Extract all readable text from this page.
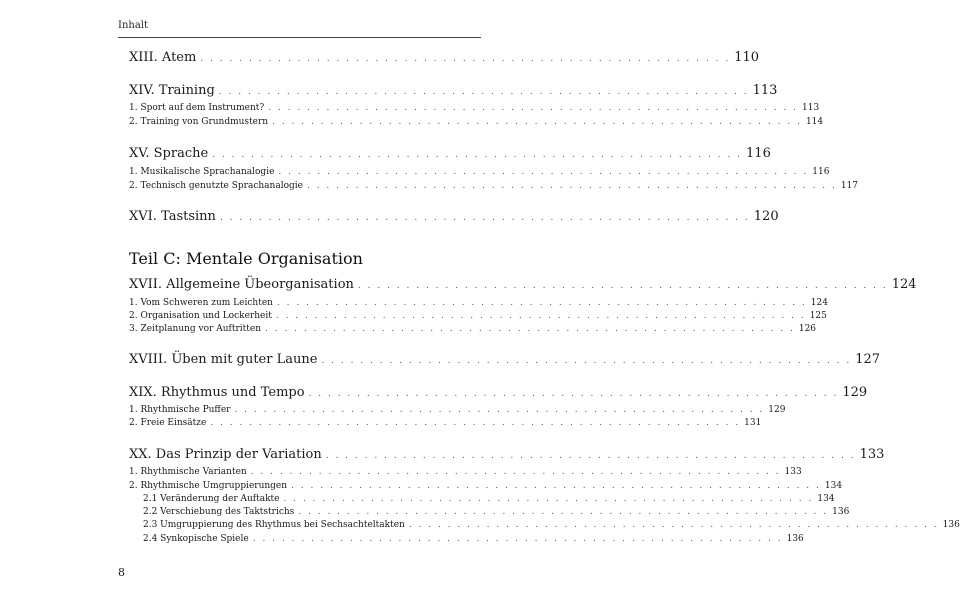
Inhalt
XIII. Atem . . . . . . . . . . . . . . . . . . . . . . . . . . . . . . . . . . . . . . . . . . . . . . . . . . . . . . . 110
XIV. Training . . . . . . . . . . . . . . . . . . . . . . . . . . . . . . . . . . . . . . . . . . . . . . . . . . . . . . . 113
1. Sport auf dem Instrument? . . . . . . . . . . . . . . . . . . . . . . . . . . . . . . . . . . . . . . . . . . . . . . . . . . . . . . . 113
2. Training von Grundmustern . . . . . . . . . . . . . . . . . . . . . . . . . . . . . . . . . . . . . . . . . . . . . . . . . . . . . . . 114
XV. Sprache . . . . . . . . . . . . . . . . . . . . . . . . . . . . . . . . . . . . . . . . . . . . . . . . . . . . . . . 116
1. Musikalische Sprachanalogie . . . . . . . . . . . . . . . . . . . . . . . . . . . . . . . . . . . . . . . . . . . . . . . . . . . . . . . 116
2. Technisch genutzte Sprachanalogie . . . . . . . . . . . . . . . . . . . . . . . . . . . . . . . . . . . . . . . . . . . . . . . . . . . . . . . 117
XVI. Tastsinn . . . . . . . . . . . . . . . . . . . . . . . . . . . . . . . . . . . . . . . . . . . . . . . . . . . . . . . 120
Teil C: Mentale Organisation
XVII. Allgemeine Übeorganisation . . . . . . . . . . . . . . . . . . . . . . . . . . . . . . . . . . . . . . . . . . . . . . . . . . . . . . . 124
1. Vom Schweren zum Leichten . . . . . . . . . . . . . . . . . . . . . . . . . . . . . . . . . . . . . . . . . . . . . . . . . . . . . . . 124
2. Organisation und Lockerheit . . . . . . . . . . . . . . . . . . . . . . . . . . . . . . . . . . . . . . . . . . . . . . . . . . . . . . . 125
3. Zeitplanung vor Auftritten . . . . . . . . . . . . . . . . . . . . . . . . . . . . . . . . . . . . . . . . . . . . . . . . . . . . . . . 126
XVIII. Üben mit guter Laune . . . . . . . . . . . . . . . . . . . . . . . . . . . . . . . . . . . . . . . . . . . . . . . . . . . . . . . 127
XIX. Rhythmus und Tempo . . . . . . . . . . . . . . . . . . . . . . . . . . . . . . . . . . . . . . . . . . . . . . . . . . . . . . . 129
1. Rhythmische Puffer . . . . . . . . . . . . . . . . . . . . . . . . . . . . . . . . . . . . . . . . . . . . . . . . . . . . . . . 129
2. Freie Einsätze . . . . . . . . . . . . . . . . . . . . . . . . . . . . . . . . . . . . . . . . . . . . . . . . . . . . . . . 131
XX. Das Prinzip der Variation . . . . . . . . . . . . . . . . . . . . . . . . . . . . . . . . . . . . . . . . . . . . . . . . . . . . . . . 133
1. Rhythmische Varianten . . . . . . . . . . . . . . . . . . . . . . . . . . . . . . . . . . . . . . . . . . . . . . . . . . . . . . . 133
2. Rhythmische Umgruppierungen . . . . . . . . . . . . . . . . . . . . . . . . . . . . . . . . . . . . . . . . . . . . . . . . . . . . . . . 134
2.1 Veränderung der Auftakte . . . . . . . . . . . . . . . . . . . . . . . . . . . . . . . . . . . . . . . . . . . . . . . . . . . . . . . 134
2.2 Verschiebung des Taktstrichs . . . . . . . . . . . . . . . . . . . . . . . . . . . . . . . . . . . . . . . . . . . . . . . . . . . . . . . 136
2.3 Umgruppierung des Rhythmus bei Sechsachteltakten . . . . . . . . . . . . . . . . . . . . . . . . . . . . . . . . . . . . . . . . . . . . . . . . . . . . . . . 136
2.4 Synkopische Spiele . . . . . . . . . . . . . . . . . . . . . . . . . . . . . . . . . . . . . . . . . . . . . . . . . . . . . . . 136
8
